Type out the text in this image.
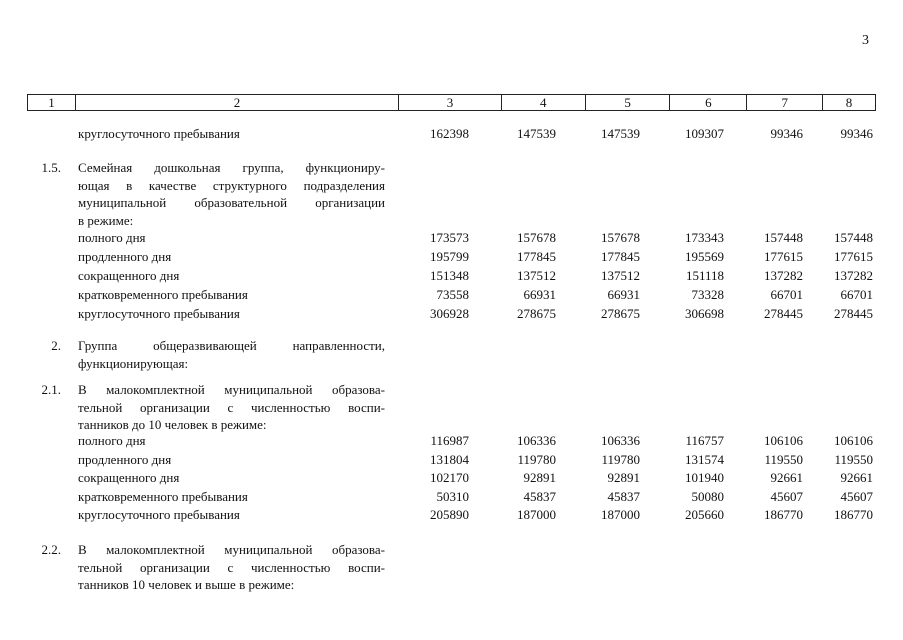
3
1	2	3	4	5	6	7	8
круглосуточного пребывания	162398	147539	147539	109307	99346	99346
1.5. Семейная дошкольная группа, функциониру-
ющая в качестве структурного подразделения
муниципальной образовательной организации
в режиме:
полного дня	173573	157678	157678	173343	157448 157448
продленного дня	195799	177845	177845	195569	177615 177615
сокращенного дня	151348	137512	137512	151118	137282 137282
кратковременного пребывания	73558	66931	66931	73328	66701	66701
круглосуточного пребывания	306928	278675	278675	306698	278445 278445
2. Группа общеразвивающей направленности,
функционирующая:
2.1. В малокомплектной муниципальной образова-
тельной организации с численностью воспи-
танников до 10 человек в режиме:
полного дня	116987	106336	106336	116757	106106 106106
продленного дня	131804	119780	119780	131574	119550 119550
сокращенного дня	102170	92891	92891	101940	92661	92661
кратковременного пребывания	50310	45837	45837	50080	45607	45607
круглосуточного пребывания	205890	187000	187000	205660	186770 186770
2.2. В малокомплектной муниципальной образова-
тельной организации с численностью воспи-
танников 10 человек и выше в режиме:
